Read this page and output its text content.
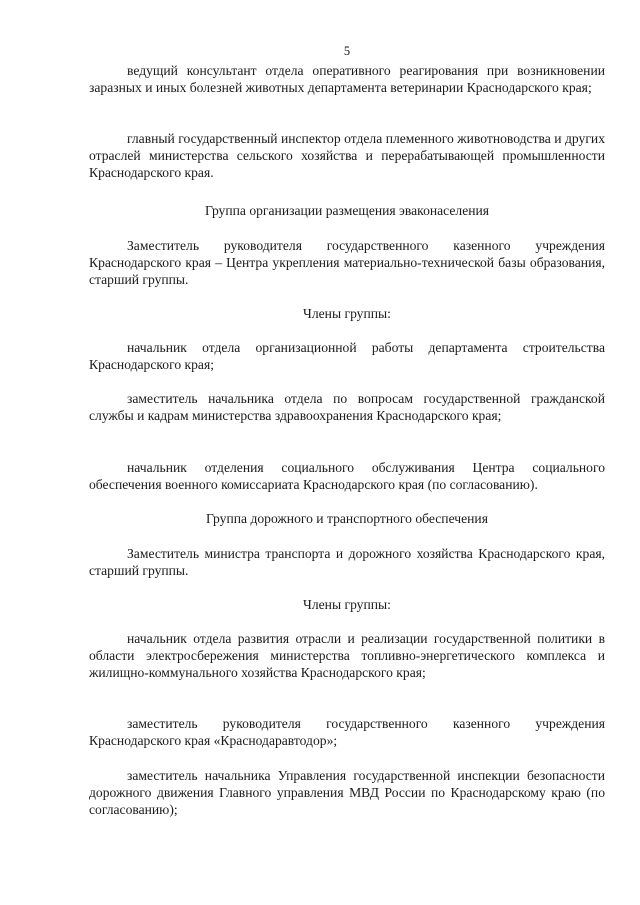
5

ведущий консультант отдела оперативного реагирования при возникновении заразных и иных болезней животных департамента ветеринарии Краснодарского края;

главный государственный инспектор отдела племенного животноводства и других отраслей министерства сельского хозяйства и перерабатывающей промышленности Краснодарского края.

Группа организации размещения эваконаселения

Заместитель руководителя государственного казенного учреждения Краснодарского края – Центра укрепления материально-технической базы образования, старший группы.

Члены группы:

начальник отдела организационной работы департамента строительства Краснодарского края;

заместитель начальника отдела по вопросам государственной гражданской службы и кадрам министерства здравоохранения Краснодарского края;

начальник отделения социального обслуживания Центра социального обеспечения военного комиссариата Краснодарского края (по согласованию).

Группа дорожного и транспортного обеспечения

Заместитель министра транспорта и дорожного хозяйства Краснодарского края, старший группы.

Члены группы:

начальник отдела развития отрасли и реализации государственной политики в области электросбережения министерства топливно-энергетического комплекса и жилищно-коммунального хозяйства Краснодарского края;

заместитель руководителя государственного казенного учреждения Краснодарского края «Краснодаравтодор»;

заместитель начальника Управления государственной инспекции безопасности дорожного движения Главного управления МВД России по Краснодарскому краю (по согласованию);
